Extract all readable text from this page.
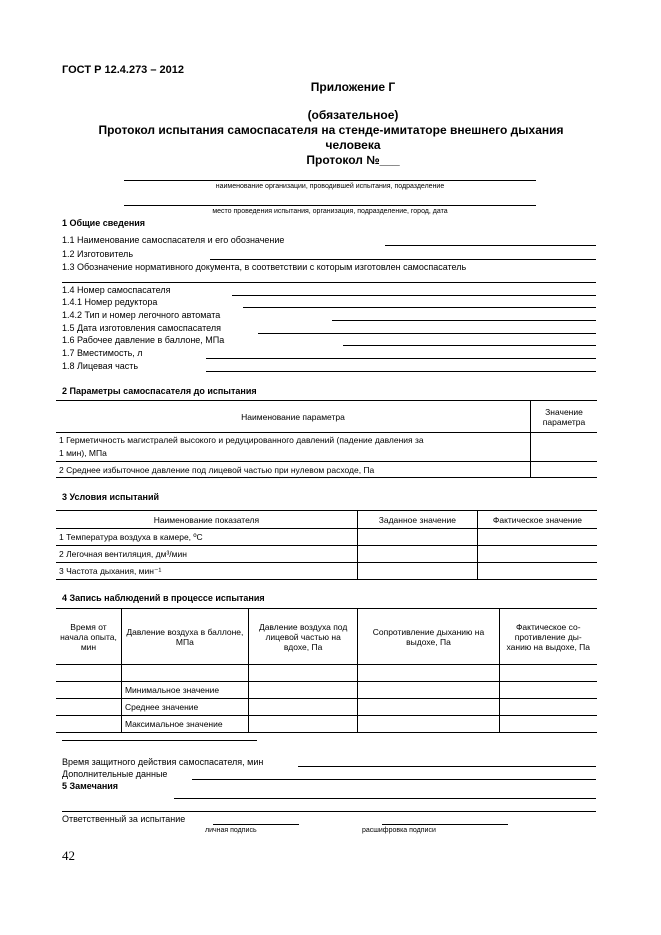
ГОСТ Р 12.4.273 – 2012
Приложение Г
(обязательное)
Протокол испытания самоспасателя на стенде-имитаторе внешнего дыхания
человека
Протокол №___
наименование организации, проводившей испытания, подразделение
место проведения испытания, организация, подразделение, город, дата
1 Общие сведения
1.1 Наименование самоспасателя и его обозначение
1.2 Изготовитель
1.3 Обозначение нормативного документа, в соответствии с которым изготовлен самоспасатель
1.4 Номер самоспасателя
1.4.1 Номер редуктора
1.4.2 Тип и номер легочного автомата
1.5 Дата изготовления самоспасателя
1.6 Рабочее давление в баллоне, МПа
1.7 Вместимость, л
1.8 Лицевая часть
2 Параметры самоспасателя до испытания
Наименование параметра	Значение параметра

1 Герметичность магистралей высокого и редуцированного давлений (падение давления за
1 мин), МПа	

2 Среднее избыточное давление под лицевой частью при нулевом расходе, Па	
3 Условия испытаний
Наименование показателя	Заданное значение	Фактическое значение
1 Температура воздуха в камере, ºС		
2 Легочная вентиляция, дм³/мин		
3 Частота дыхания, мин⁻¹		
4 Запись наблюдений в процессе испытания
Время от начала опыта, мин	Давление воздуха в баллоне, МПа	Давление воздуха под лицевой частью на вдохе, Па	Сопротивление дыханию на выдохе, Па	Фактическое со-противление ды-ханию на выдохе, Па

	Минимальное значение			
	Среднее значение			
	Максимальное значение			
Время защитного действия самоспасателя, мин
Дополнительные данные
5 Замечания
Ответственный за испытание
личная подпись	расшифровка подписи
42
